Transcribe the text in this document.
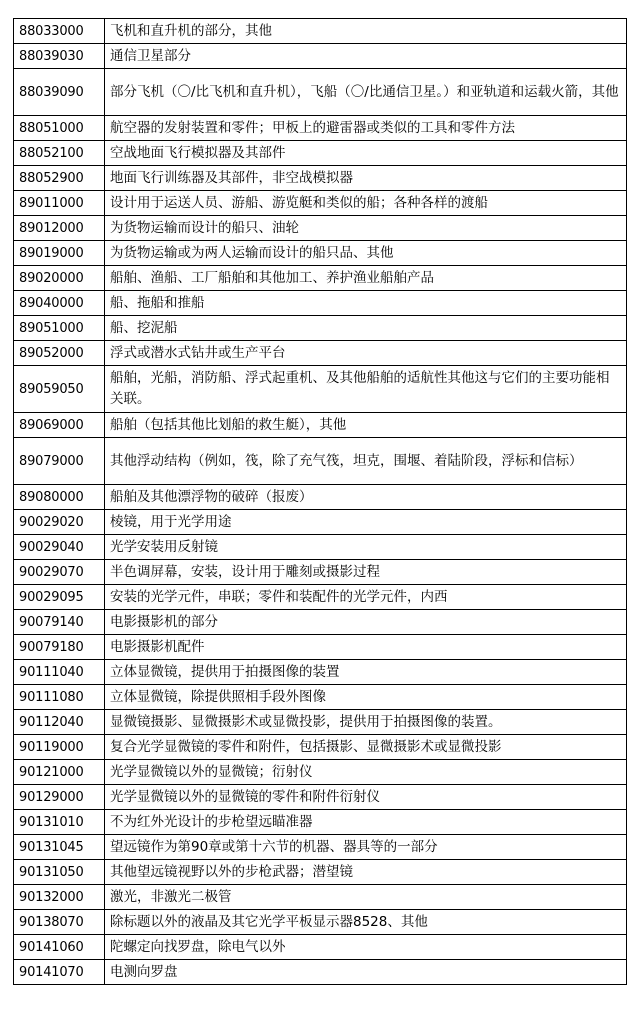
88033000	飞机和直升机的部分，其他
88039030	通信卫星部分
88039090	部分飞机（〇/比飞机和直升机），飞船（〇/比通信卫星。）和亚轨道和运载火箭，其他
88051000	航空器的发射装置和零件；甲板上的避雷器或类似的工具和零件方法
88052100	空战地面飞行模拟器及其部件
88052900	地面飞行训练器及其部件，非空战模拟器
89011000	设计用于运送人员、游船、游览艇和类似的船；各种各样的渡船
89012000	为货物运输而设计的船只、油轮
89019000	为货物运输或为两人运输而设计的船只品、其他
89020000	船舶、渔船、工厂船舶和其他加工、养护渔业船舶产品
89040000	船、拖船和推船
89051000	船、挖泥船
89052000	浮式或潜水式钻井或生产平台
89059050	船舶，光船，消防船、浮式起重机、及其他船舶的适航性其他这与它们的主要功能相关联。
89069000	船舶（包括其他比划船的救生艇），其他
89079000	其他浮动结构（例如，筏，除了充气筏，坦克，围堰、着陆阶段，浮标和信标）
89080000	船舶及其他漂浮物的破碎（报废）
90029020	棱镜，用于光学用途
90029040	光学安装用反射镜
90029070	半色调屏幕，安装，设计用于雕刻或摄影过程
90029095	安装的光学元件，串联；零件和装配件的光学元件，内西
90079140	电影摄影机的部分
90079180	电影摄影机配件
90111040	立体显微镜，提供用于拍摄图像的装置
90111080	立体显微镜，除提供照相手段外图像
90112040	显微镜摄影、显微摄影术或显微投影，提供用于拍摄图像的装置。
90119000	复合光学显微镜的零件和附件，包括摄影、显微摄影术或显微投影
90121000	光学显微镜以外的显微镜；衍射仪
90129000	光学显微镜以外的显微镜的零件和附件衍射仪
90131010	不为红外光设计的步枪望远瞄准器
90131045	望远镜作为第90章或第十六节的机器、器具等的一部分
90131050	其他望远镜视野以外的步枪武器；潜望镜
90132000	激光，非激光二极管
90138070	除标题以外的液晶及其它光学平板显示器8528、其他
90141060	陀螺定向找罗盘，除电气以外
90141070	电测向罗盘
